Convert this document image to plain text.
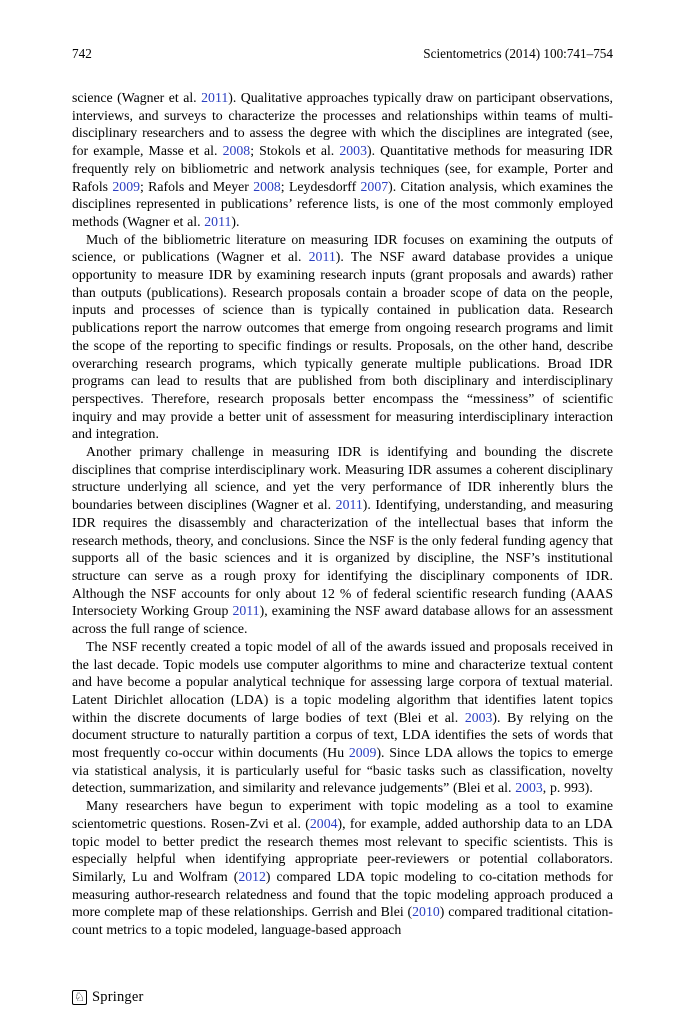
742	Scientometrics (2014) 100:741–754

science (Wagner et al. 2011). Qualitative approaches typically draw on participant observations, interviews, and surveys to characterize the processes and relationships within teams of multi-disciplinary researchers and to assess the degree with which the disciplines are integrated (see, for example, Masse et al. 2008; Stokols et al. 2003). Quantitative methods for measuring IDR frequently rely on bibliometric and network analysis techniques (see, for example, Porter and Rafols 2009; Rafols and Meyer 2008; Leydesdorff 2007). Citation analysis, which examines the disciplines represented in publications’ reference lists, is one of the most commonly employed methods (Wagner et al. 2011).

Much of the bibliometric literature on measuring IDR focuses on examining the outputs of science, or publications (Wagner et al. 2011). The NSF award database provides a unique opportunity to measure IDR by examining research inputs (grant proposals and awards) rather than outputs (publications). Research proposals contain a broader scope of data on the people, inputs and processes of science than is typically contained in publication data. Research publications report the narrow outcomes that emerge from ongoing research programs and limit the scope of the reporting to specific findings or results. Proposals, on the other hand, describe overarching research programs, which typically generate multiple publications. Broad IDR programs can lead to results that are published from both disciplinary and interdisciplinary perspectives. Therefore, research proposals better encompass the “messiness” of scientific inquiry and may provide a better unit of assessment for measuring interdisciplinary interaction and integration.

Another primary challenge in measuring IDR is identifying and bounding the discrete disciplines that comprise interdisciplinary work. Measuring IDR assumes a coherent disciplinary structure underlying all science, and yet the very performance of IDR inherently blurs the boundaries between disciplines (Wagner et al. 2011). Identifying, understanding, and measuring IDR requires the disassembly and characterization of the intellectual bases that inform the research methods, theory, and conclusions. Since the NSF is the only federal funding agency that supports all of the basic sciences and it is organized by discipline, the NSF’s institutional structure can serve as a rough proxy for identifying the disciplinary components of IDR. Although the NSF accounts for only about 12 % of federal scientific research funding (AAAS Intersociety Working Group 2011), examining the NSF award database allows for an assessment across the full range of science.

The NSF recently created a topic model of all of the awards issued and proposals received in the last decade. Topic models use computer algorithms to mine and characterize textual content and have become a popular analytical technique for assessing large corpora of textual material. Latent Dirichlet allocation (LDA) is a topic modeling algorithm that identifies latent topics within the discrete documents of large bodies of text (Blei et al. 2003). By relying on the document structure to naturally partition a corpus of text, LDA identifies the sets of words that most frequently co-occur within documents (Hu 2009). Since LDA allows the topics to emerge via statistical analysis, it is particularly useful for “basic tasks such as classification, novelty detection, summarization, and similarity and relevance judgements” (Blei et al. 2003, p. 993).

Many researchers have begun to experiment with topic modeling as a tool to examine scientometric questions. Rosen-Zvi et al. (2004), for example, added authorship data to an LDA topic model to better predict the research themes most relevant to specific scientists. This is especially helpful when identifying appropriate peer-reviewers or potential collaborators. Similarly, Lu and Wolfram (2012) compared LDA topic modeling to co-citation methods for measuring author-research relatedness and found that the topic modeling approach produced a more complete map of these relationships. Gerrish and Blei (2010) compared traditional citation-count metrics to a topic modeled, language-based approach

♘ Springer
